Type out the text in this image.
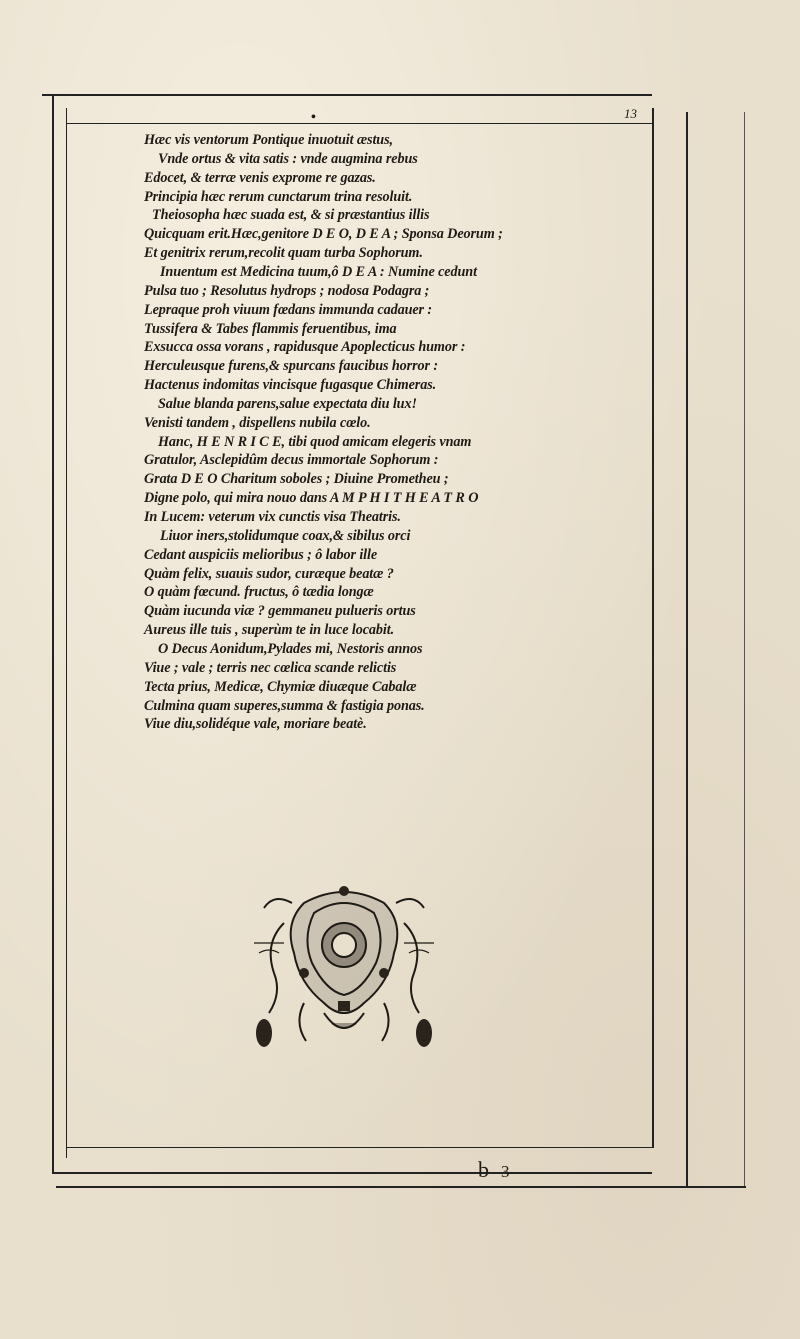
•	13
Hæc vis ventorum Pontique inuotuit æstus,
Vnde ortus & vita satis : vnde augmina rebus
Edocet, & terræ venis exprome re gazas.
Principia hæc rerum cunctarum trina resoluit.
Theiosopha hæc suada est, & si præstantius illis
Quicquam erit.Hæc,genitore D E O, D E A ; Sponsa Deorum ;
Et genitrix rerum,recolit quam turba Sophorum.
Inuentum est Medicina tuum,ô D E A : Numine cedunt
Pulsa tuo ; Resolutus hydrops ; nodosa Podagra ;
Lepraque proh viuum fœdans immunda cadauer :
Tussifera & Tabes flammis feruentibus, ima
Exsucca ossa vorans , rapidusque Apoplecticus humor :
Herculeusque furens,& spurcans faucibus horror :
Hactenus indomitas vincisque fugasque Chimeras.
Salue blanda parens,salue expectata diu lux!
Venisti tandem , dispellens nubila cœlo.
Hanc, H E N R I C E, tibi quod amicam elegeris vnam
Gratulor, Asclepidûm decus immortale Sophorum :
Grata D E O Charitum soboles ; Diuine Prometheu ;
Digne polo, qui mira nouo dans A M P H I T H E A T R O
In Lucem: veterum vix cunctis visa Theatris.
Liuor iners,stolidumque coax,& sibilus orci
Cedant auspiciis melioribus ; ô labor ille
Quàm felix, suauis sudor, curæque beatæ ?
O quàm fœcund. fructus, ô tædia longæ
Quàm iucunda viæ ? gemmaneu pulueris ortus
Aureus ille tuis , superùm te in luce locabit.
O Decus Aonidum,Pylades mi, Nestoris annos
Viue ; vale ; terris nec cœlica scande relictis
Tecta prius, Medicæ, Chymiæ diuæque Cabalæ
Culmina quam superes,summa & fastigia ponas.
Viue diu,solidéque vale, moriare beatè.
b 3
